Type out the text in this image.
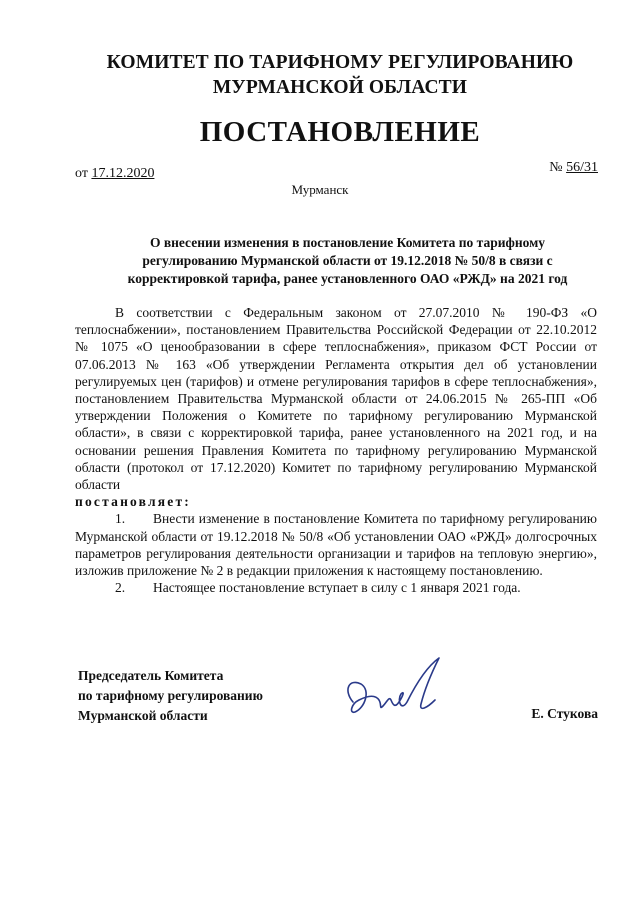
КОМИТЕТ ПО ТАРИФНОМУ РЕГУЛИРОВАНИЮ
МУРМАНСКОЙ ОБЛАСТИ
ПОСТАНОВЛЕНИЕ
от 17.12.2020	№ 56/31
Мурманск
О внесении изменения в постановление Комитета по тарифному
регулированию Мурманской области от 19.12.2018 № 50/8 в связи с
корректировкой тарифа, ранее установленного ОАО «РЖД» на 2021 год

В соответствии с Федеральным законом от 27.07.2010 № 190-ФЗ «О теплоснабжении», постановлением Правительства Российской Федерации от 22.10.2012 № 1075 «О ценообразовании в сфере теплоснабжения», приказом ФСТ России от 07.06.2013 № 163 «Об утверждении Регламента открытия дел об установлении регулируемых цен (тарифов) и отмене регулирования тарифов в сфере теплоснабжения», постановлением Правительства Мурманской области от 24.06.2015 № 265-ПП «Об утверждении Положения о Комитете по тарифному регулированию Мурманской области», в связи с корректировкой тарифа, ранее установленного на 2021 год, и на основании решения Правления Комитета по тарифному регулированию Мурманской области (протокол от 17.12.2020) Комитет по тарифному регулированию Мурманской области

постановляет:

1. Внести изменение в постановление Комитета по тарифному регулированию Мурманской области от 19.12.2018 № 50/8 «Об установлении ОАО «РЖД» долгосрочных параметров регулирования деятельности организации и тарифов на тепловую энергию», изложив приложение № 2 в редакции приложения к настоящему постановлению.

2. Настоящее постановление вступает в силу с 1 января 2021 года.

Председатель Комитета
по тарифному регулированию
Мурманской области	Е. Стукова
